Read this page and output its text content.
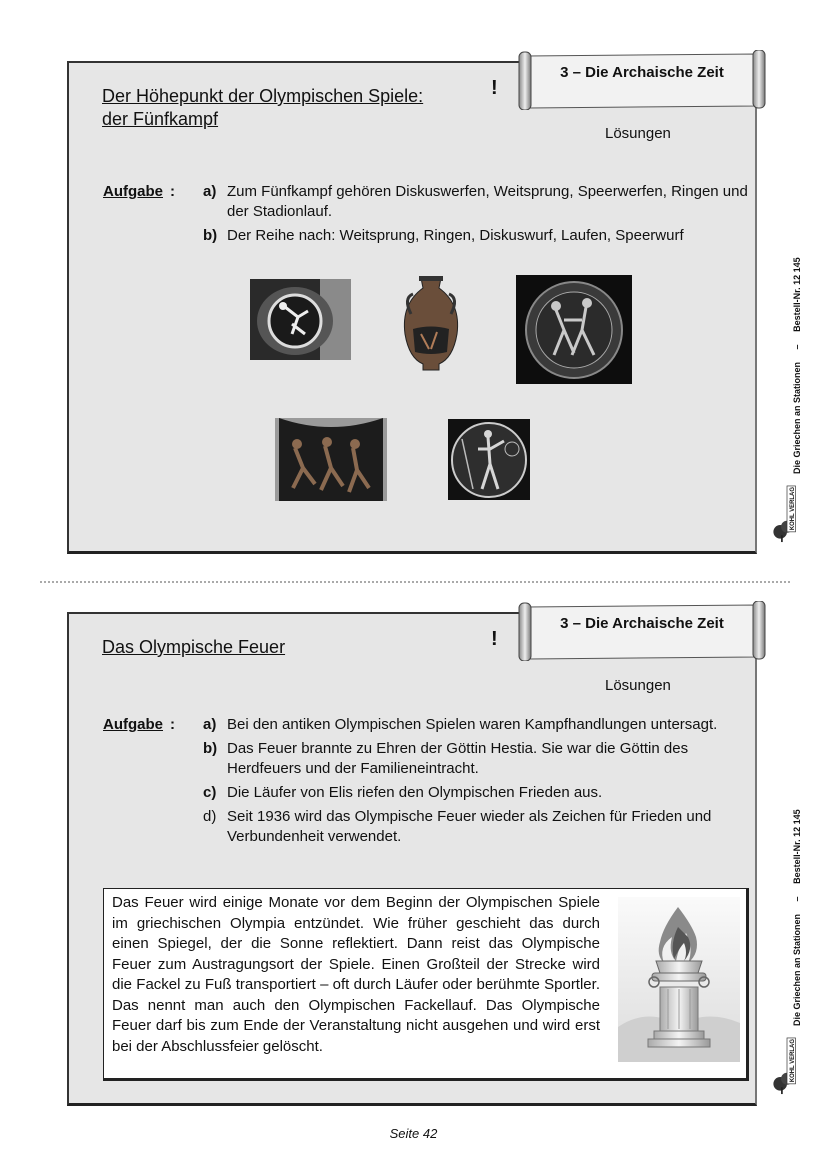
Der Höhepunkt der Olympischen Spiele:
der Fünfkampf
!
3 – Die Archaische Zeit
Lösungen
Aufgabe : a) Zum Fünfkampf gehören Diskuswerfen, Weitsprung, Speerwerfen, Ringen und der Stadionlauf.
b) Der Reihe nach: Weitsprung, Ringen, Diskuswurf, Laufen, Speerwurf
Die Griechen an Stationen – Bestell-Nr. 12 145
KOHL VERLAG
Das Olympische Feuer	!
3 – Die Archaische Zeit
Lösungen
Aufgabe : a) Bei den antiken Olympischen Spielen waren Kampfhandlungen untersagt.
b) Das Feuer brannte zu Ehren der Göttin Hestia. Sie war die Göttin des Herdfeuers und der Familieneintracht.
c) Die Läufer von Elis riefen den Olympischen Frieden aus.
d) Seit 1936 wird das Olympische Feuer wieder als Zeichen für Frieden und Verbundenheit verwendet.
Das Feuer wird einige Monate vor dem Beginn der Olympischen Spiele im griechischen Olympia entzündet. Wie früher geschieht das durch einen Spiegel, der die Sonne reflektiert. Dann reist das Olympische Feuer zum Austragungsort der Spiele. Einen Großteil der Strecke wird die Fackel zu Fuß transportiert – oft durch Läufer oder berühmte Sportler. Das nennt man auch den Olympischen Fackellauf. Das Olympische Feuer darf bis zum Ende der Veranstaltung nicht ausgehen und wird erst bei der Abschlussfeier gelöscht.
Die Griechen an Stationen – Bestell-Nr. 12 145
KOHL VERLAG
Seite 42
